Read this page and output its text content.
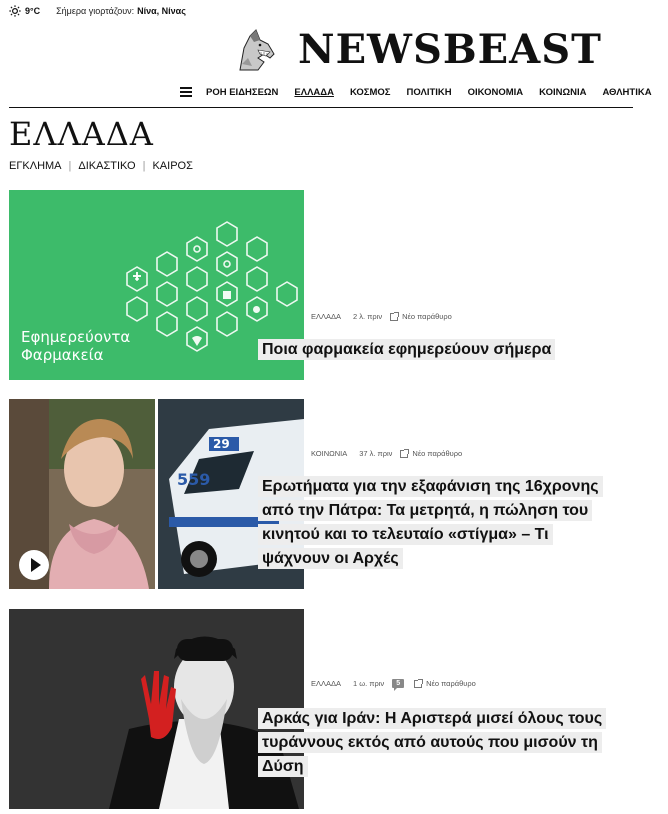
9°C Σήμερα γιορτάζουν: Νίνα, Νίνας
NEWSBEAST
ΡΟΗ ΕΙΔΗΣΕΩΝ ΕΛΛΑΔΑ ΚΟΣΜΟΣ ΠΟΛΙΤΙΚΗ ΟΙΚΟΝΟΜΙΑ ΚΟΙΝΩΝΙΑ ΑΘΛΗΤΙΚΑ
ΕΛΛΑΔΑ
ΕΓΚΛΗΜΑ | ΔΙΚΑΣΤΙΚΟ | ΚΑΙΡΟΣ
Εφημερεύοντα
Φαρμακεία
ΕΛΛΑΔΑ 2 λ. πριν	Νέο παράθυρο
Ποια φαρμακεία εφημερεύουν σήμερα
29
559
ΚΟΙΝΩΝΙΑ 37 λ. πριν	Νέο παράθυρο
Ερωτήματα για την εξαφάνιση της 16χρονης από την Πάτρα: Τα μετρητά, η πώληση του κινητού και το τελευταίο «στίγμα» – Τι ψάχνουν οι Αρχές
ΕΛΛΑΔΑ 1 ω. πριν	5	Νέο παράθυρο
Αρκάς για Ιράν: Η Αριστερά μισεί όλους τους τυράννους εκτός από αυτούς που μισούν τη Δύση
